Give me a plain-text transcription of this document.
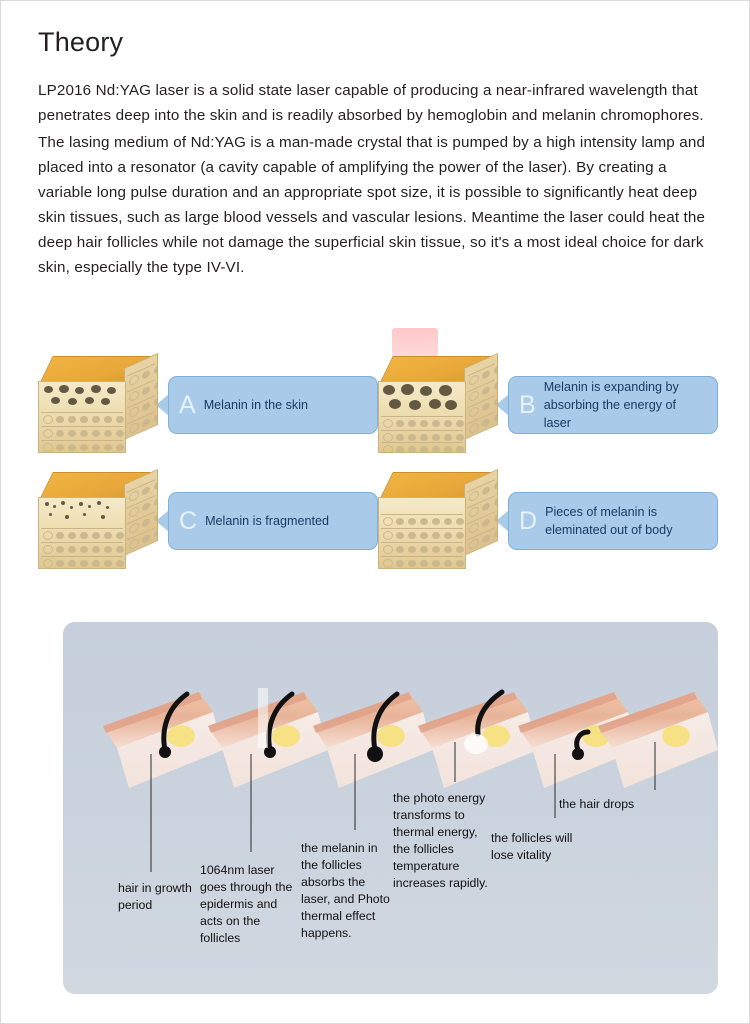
Theory

LP2016 Nd:YAG laser is a solid state laser capable of producing a near-infrared wavelength that penetrates deep into the skin and is readily absorbed by hemoglobin and melanin chromophores.

The lasing medium of Nd:YAG is a man-made crystal that is pumped by a high intensity lamp and placed into a resonator (a cavity capable of amplifying the power of the laser). By creating a variable long pulse duration and an appropriate spot size, it is possible to significantly heat deep skin tissues, such as large blood vessels and vascular lesions. Meantime the laser could heat the deep hair follicles while not damage the superficial skin tissue, so it's a most ideal choice for dark skin, especially the type IV-VI.

A Melanin in the skin	B
Melanin is expanding by absorbing the energy of laser
C Melanin is fragmented	D Pieces of melanin is eleminated out of body
hair in growth period
1064nm laser goes through the epidermis and acts on the follicles
the melanin in the follicles absorbs the laser, and Photo thermal effect happens.
the photo energy transforms to thermal energy, the follicles temperature increases rapidly.
the follicles will lose vitality
the hair drops
